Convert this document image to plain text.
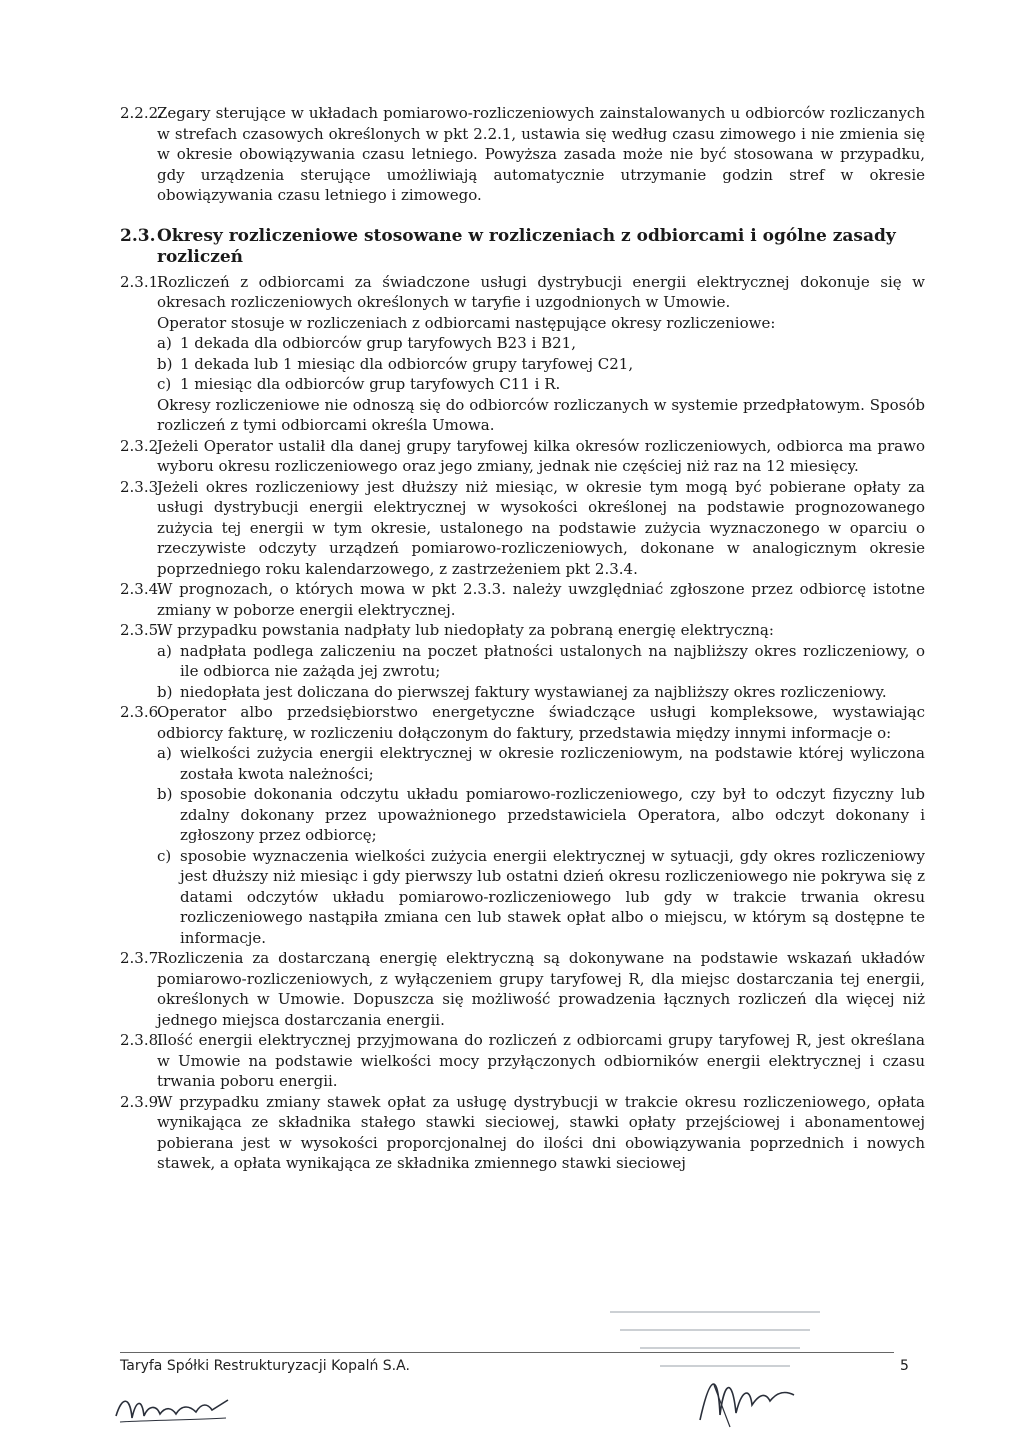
2.2.2.

Zegary sterujące w układach pomiarowo-rozliczeniowych zainstalowanych u odbiorców rozliczanych w strefach czasowych określonych w pkt 2.2.1, ustawia się według czasu zimowego i nie zmienia się w okresie obowiązywania czasu letniego. Powyższa zasada może nie być stosowana w przypadku, gdy urządzenia sterujące umożliwiają automatycznie utrzymanie godzin stref w okresie obowiązywania czasu letniego i zimowego.

2.3. Okresy rozliczeniowe stosowane w rozliczeniach z odbiorcami i ogólne zasady rozliczeń
2.3.1.

Rozliczeń z odbiorcami za świadczone usługi dystrybucji energii elektrycznej dokonuje się w okresach rozliczeniowych określonych w taryfie i uzgodnionych w Umowie.

Operator stosuje w rozliczeniach z odbiorcami następujące okresy rozliczeniowe:

a) 1 dekada dla odbiorców grup taryfowych B23 i B21,
b) 1 dekada lub 1 miesiąc dla odbiorców grupy taryfowej C21,
c) 1 miesiąc dla odbiorców grup taryfowych C11 i R.

Okresy rozliczeniowe nie odnoszą się do odbiorców rozliczanych w systemie przedpłatowym. Sposób rozliczeń z tymi odbiorcami określa Umowa.

2.3.2.
Jeżeli Operator ustalił dla danej grupy taryfowej kilka okresów rozliczeniowych, odbiorca ma prawo wyboru okresu rozliczeniowego oraz jego zmiany, jednak nie częściej niż raz na 12 miesięcy.
2.3.3.
Jeżeli okres rozliczeniowy jest dłuższy niż miesiąc, w okresie tym mogą być pobierane opłaty za usługi dystrybucji energii elektrycznej w wysokości określonej na podstawie prognozowanego zużycia tej energii w tym okresie, ustalonego na podstawie zużycia wyznaczonego w oparciu o rzeczywiste odczyty urządzeń pomiarowo-rozliczeniowych, dokonane w analogicznym okresie poprzedniego roku kalendarzowego, z zastrzeżeniem pkt 2.3.4.
2.3.4.
W prognozach, o których mowa w pkt 2.3.3. należy uwzględniać zgłoszone przez odbiorcę istotne zmiany w poborze energii elektrycznej.
2.3.5.

W przypadku powstania nadpłaty lub niedopłaty za pobraną energię elektryczną:

a) nadpłata podlega zaliczeniu na poczet płatności ustalonych na najbliższy okres rozliczeniowy, o ile odbiorca nie zażąda jej zwrotu;
b) niedopłata jest doliczana do pierwszej faktury wystawianej za najbliższy okres rozliczeniowy.
2.3.6.

Operator albo przedsiębiorstwo energetyczne świadczące usługi kompleksowe, wystawiając odbiorcy fakturę, w rozliczeniu dołączonym do faktury, przedstawia między innymi informacje o:

a) wielkości zużycia energii elektrycznej w okresie rozliczeniowym, na podstawie której wyliczona została kwota należności;
b) sposobie dokonania odczytu układu pomiarowo-rozliczeniowego, czy był to odczyt fizyczny lub zdalny dokonany przez upoważnionego przedstawiciela Operatora, albo odczyt dokonany i zgłoszony przez odbiorcę;
c) sposobie wyznaczenia wielkości zużycia energii elektrycznej w sytuacji, gdy okres rozliczeniowy jest dłuższy niż miesiąc i gdy pierwszy lub ostatni dzień okresu rozliczeniowego nie pokrywa się z datami odczytów układu pomiarowo-rozliczeniowego lub gdy w trakcie trwania okresu rozliczeniowego nastąpiła zmiana cen lub stawek opłat albo o miejscu, w którym są dostępne te informacje.
2.3.7.
Rozliczenia za dostarczaną energię elektryczną są dokonywane na podstawie wskazań układów pomiarowo-rozliczeniowych, z wyłączeniem grupy taryfowej R, dla miejsc dostarczania tej energii, określonych w Umowie. Dopuszcza się możliwość prowadzenia łącznych rozliczeń dla więcej niż jednego miejsca dostarczania energii.
2.3.8.
Ilość energii elektrycznej przyjmowana do rozliczeń z odbiorcami grupy taryfowej R, jest określana w Umowie na podstawie wielkości mocy przyłączonych odbiorników energii elektrycznej i czasu trwania poboru energii.
2.3.9.
W przypadku zmiany stawek opłat za usługę dystrybucji w trakcie okresu rozliczeniowego, opłata wynikająca ze składnika stałego stawki sieciowej, stawki opłaty przejściowej i abonamentowej pobierana jest w wysokości proporcjonalnej do ilości dni obowiązywania poprzednich i nowych stawek, a opłata wynikająca ze składnika zmiennego stawki sieciowej
Taryfa Spółki Restrukturyzacji Kopalń S.A.	5
